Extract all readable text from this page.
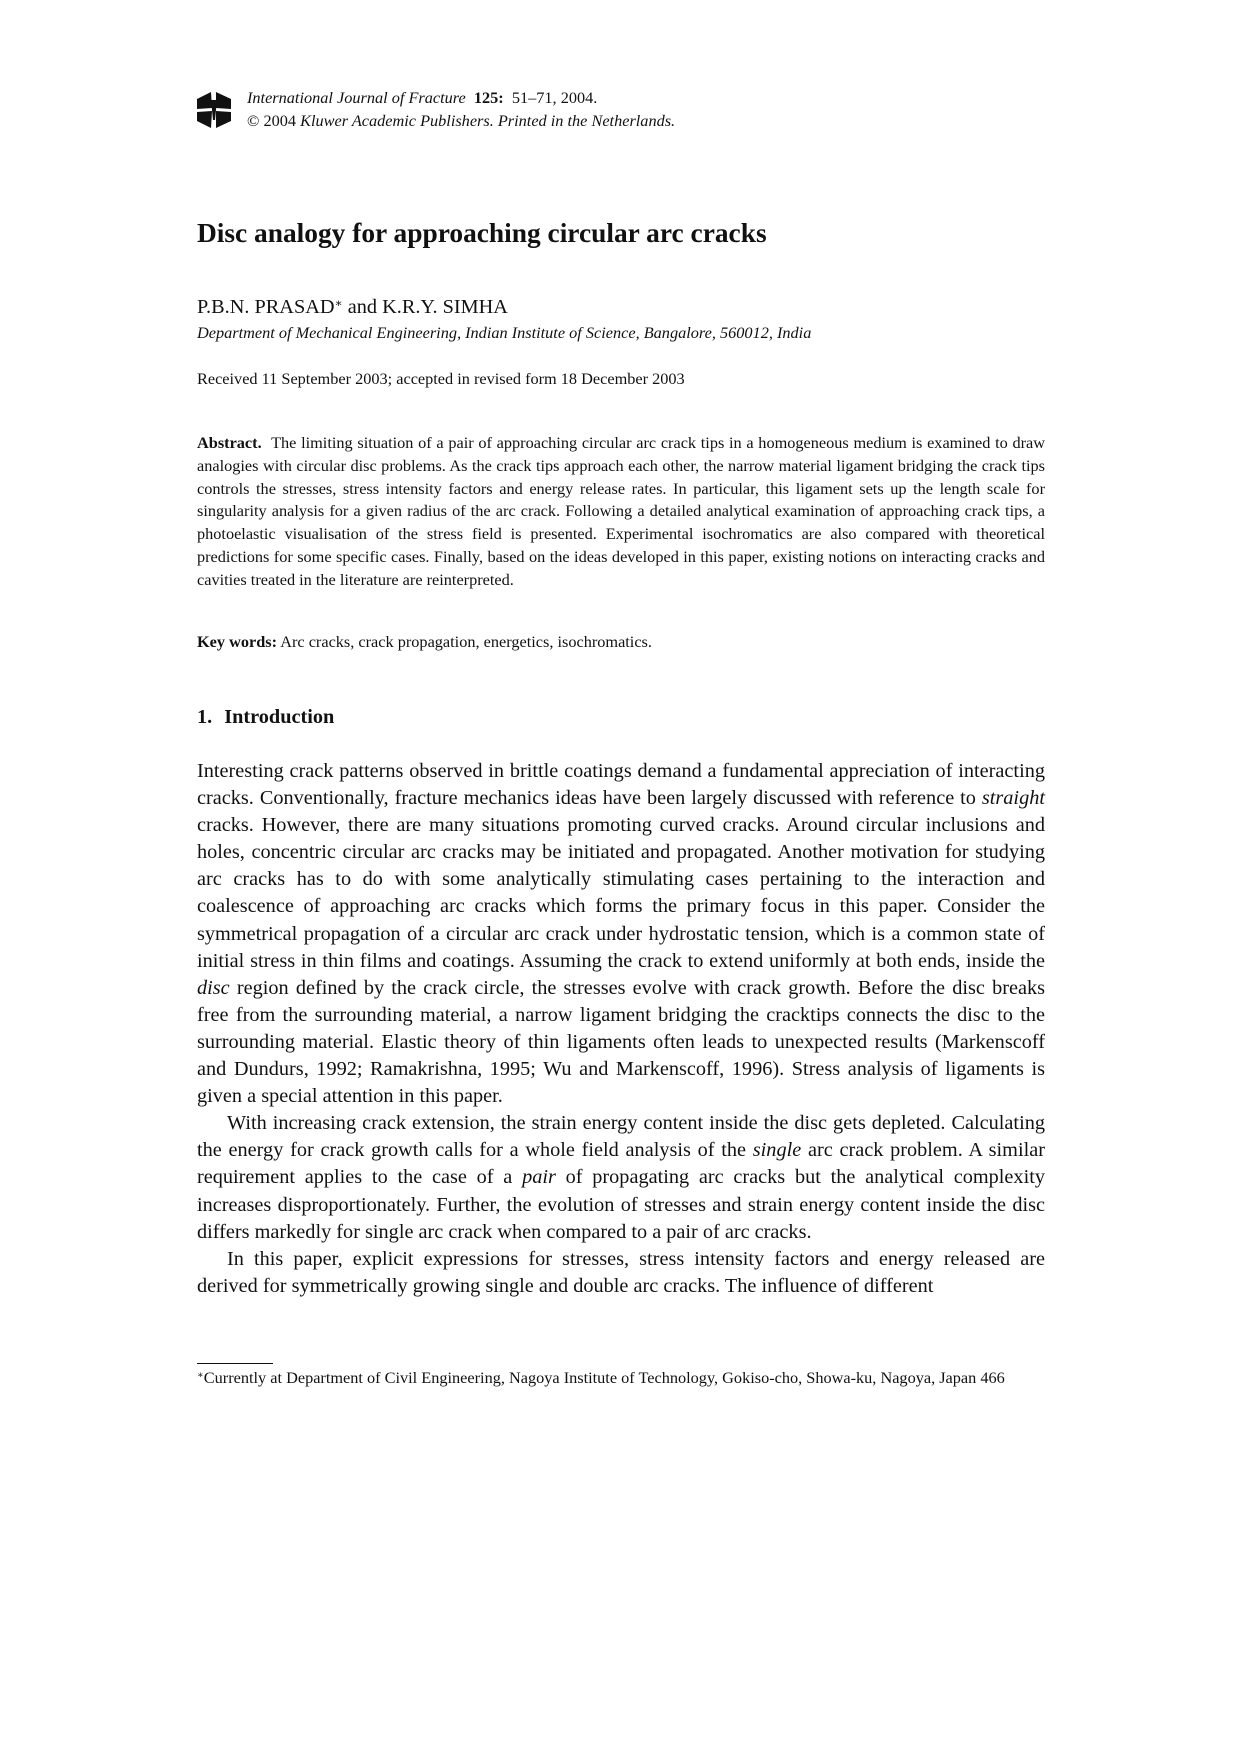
International Journal of Fracture 125: 51–71, 2004.
© 2004 Kluwer Academic Publishers. Printed in the Netherlands.
Disc analogy for approaching circular arc cracks
P.B.N. PRASAD∗ and K.R.Y. SIMHA
Department of Mechanical Engineering, Indian Institute of Science, Bangalore, 560012, India
Received 11 September 2003; accepted in revised form 18 December 2003
Abstract. The limiting situation of a pair of approaching circular arc crack tips in a homogeneous medium is examined to draw analogies with circular disc problems. As the crack tips approach each other, the narrow material ligament bridging the crack tips controls the stresses, stress intensity factors and energy release rates. In particular, this ligament sets up the length scale for singularity analysis for a given radius of the arc crack. Following a detailed analytical examination of approaching crack tips, a photoelastic visualisation of the stress field is presented. Experimental isochromatics are also compared with theoretical predictions for some specific cases. Finally, based on the ideas developed in this paper, existing notions on interacting cracks and cavities treated in the literature are reinterpreted.
Key words: Arc cracks, crack propagation, energetics, isochromatics.
1. Introduction

Interesting crack patterns observed in brittle coatings demand a fundamental appreciation of interacting cracks. Conventionally, fracture mechanics ideas have been largely discussed with reference to straight cracks. However, there are many situations promoting curved cracks. Around circular inclusions and holes, concentric circular arc cracks may be initiated and propagated. Another motivation for studying arc cracks has to do with some analytically stimulating cases pertaining to the interaction and coalescence of approaching arc cracks which forms the primary focus in this paper. Consider the symmetrical propagation of a circular arc crack under hydrostatic tension, which is a common state of initial stress in thin films and coatings. Assuming the crack to extend uniformly at both ends, inside the disc region defined by the crack circle, the stresses evolve with crack growth. Before the disc breaks free from the surrounding material, a narrow ligament bridging the cracktips connects the disc to the surrounding material. Elastic theory of thin ligaments often leads to unexpected results (Markenscoff and Dundurs, 1992; Ramakrishna, 1995; Wu and Markenscoff, 1996). Stress analysis of ligaments is given a special attention in this paper.

With increasing crack extension, the strain energy content inside the disc gets depleted. Calculating the energy for crack growth calls for a whole field analysis of the single arc crack problem. A similar requirement applies to the case of a pair of propagating arc cracks but the analytical complexity increases disproportionately. Further, the evolution of stresses and strain energy content inside the disc differs markedly for single arc crack when compared to a pair of arc cracks.

In this paper, explicit expressions for stresses, stress intensity factors and energy released are derived for symmetrically growing single and double arc cracks. The influence of different

∗Currently at Department of Civil Engineering, Nagoya Institute of Technology, Gokiso-cho, Showa-ku, Nagoya, Japan 466
